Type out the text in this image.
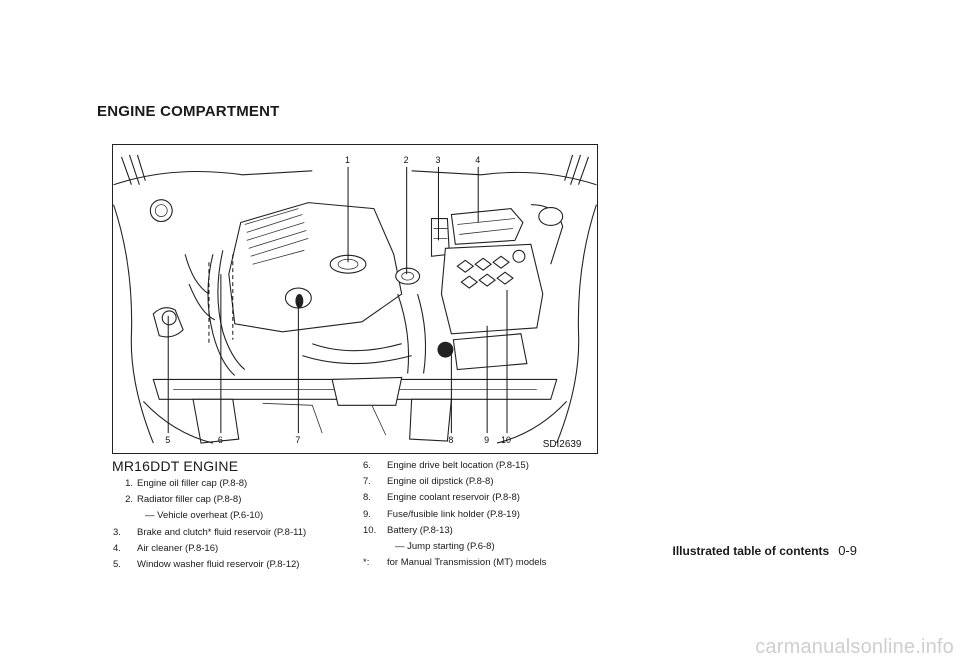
ENGINE COMPARTMENT
1	2	3	4
5	6	7	8	9 10	SDI2639
MR16DDT ENGINE
1. Engine oil filler cap (P.8-8)
2. Radiator filler cap (P.8-8)
— Vehicle overheat (P.6-10)
3.	Brake and clutch* fluid reservoir (P.8-11)
4.	Air cleaner (P.8-16)
5.	Window washer fluid reservoir (P.8-12)
6.	Engine drive belt location (P.8-15)
7.	Engine oil dipstick (P.8-8)
8.	Engine coolant reservoir (P.8-8)
9.	Fuse/fusible link holder (P.8-19)
10.	Battery (P.8-13)
— Jump starting (P.6-8)
*:	for Manual Transmission (MT) models
Illustrated table of contents 0-9
carmanualsonline.info
